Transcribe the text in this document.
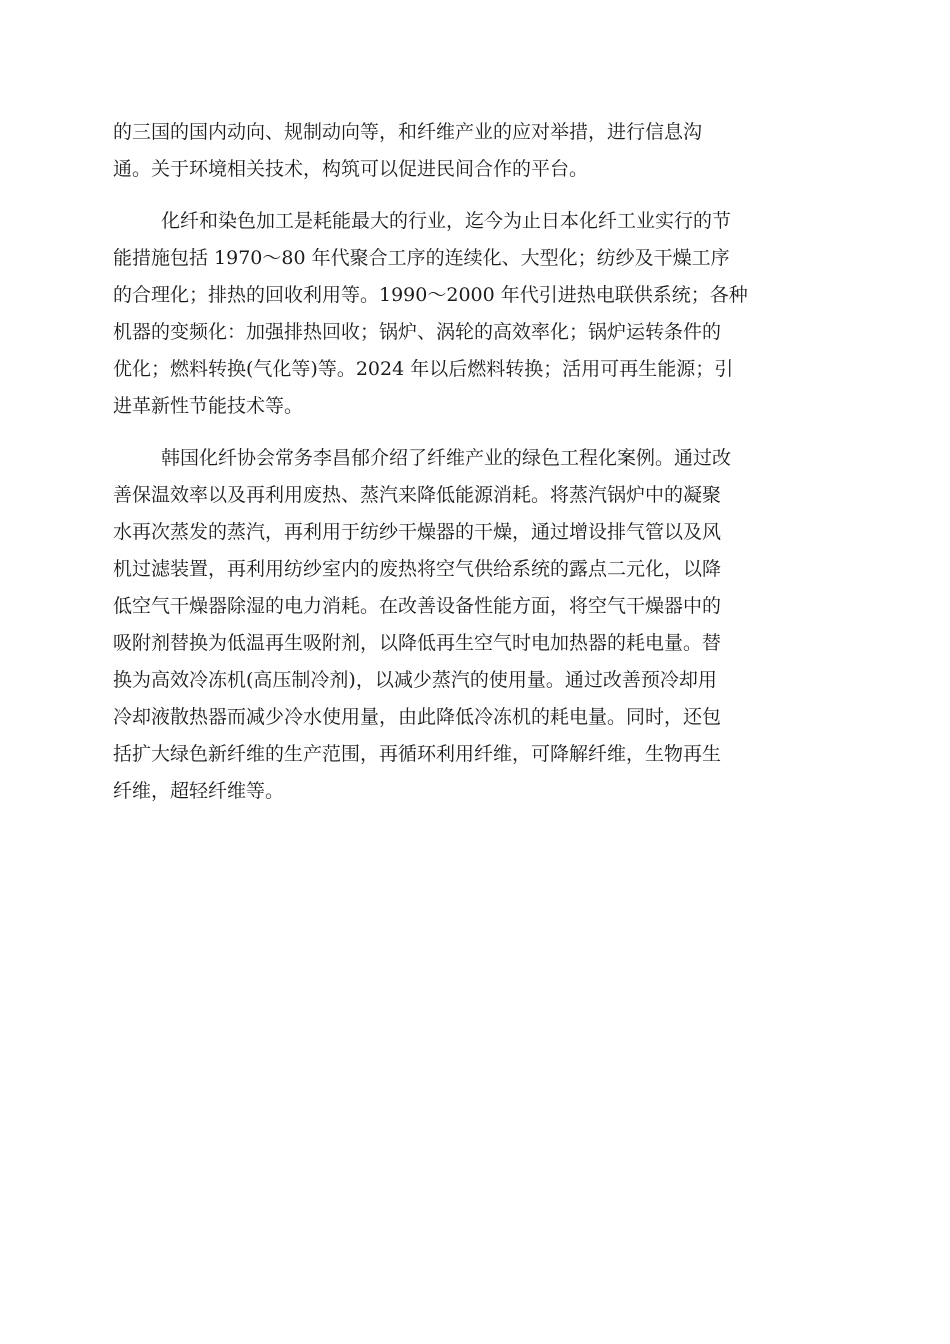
的三国的国内动向、规制动向等，和纤维产业的应对举措，进行信息沟
通。关于环境相关技术，构筑可以促进民间合作的平台。
化纤和染色加工是耗能最大的行业，迄今为止日本化纤工业实行的节
能措施包括 1970～80 年代聚合工序的连续化、大型化；纺纱及干燥工序
的合理化；排热的回收利用等。1990～2000 年代引进热电联供系统；各种
机器的变频化：加强排热回收；锅炉、涡轮的高效率化；锅炉运转条件的
优化；燃料转换(气化等)等。2024 年以后燃料转换；活用可再生能源；引
进革新性节能技术等。
韩国化纤协会常务李昌郁介绍了纤维产业的绿色工程化案例。通过改
善保温效率以及再利用废热、蒸汽来降低能源消耗。将蒸汽锅炉中的凝聚
水再次蒸发的蒸汽，再利用于纺纱干燥器的干燥，通过增设排气管以及风
机过滤装置，再利用纺纱室内的废热将空气供给系统的露点二元化，以降
低空气干燥器除湿的电力消耗。在改善设备性能方面，将空气干燥器中的
吸附剂替换为低温再生吸附剂，以降低再生空气时电加热器的耗电量。替
换为高效冷冻机(高压制冷剂)，以减少蒸汽的使用量。通过改善预冷却用
冷却液散热器而减少冷水使用量，由此降低冷冻机的耗电量。同时，还包
括扩大绿色新纤维的生产范围，再循环利用纤维，可降解纤维，生物再生
纤维，超轻纤维等。
